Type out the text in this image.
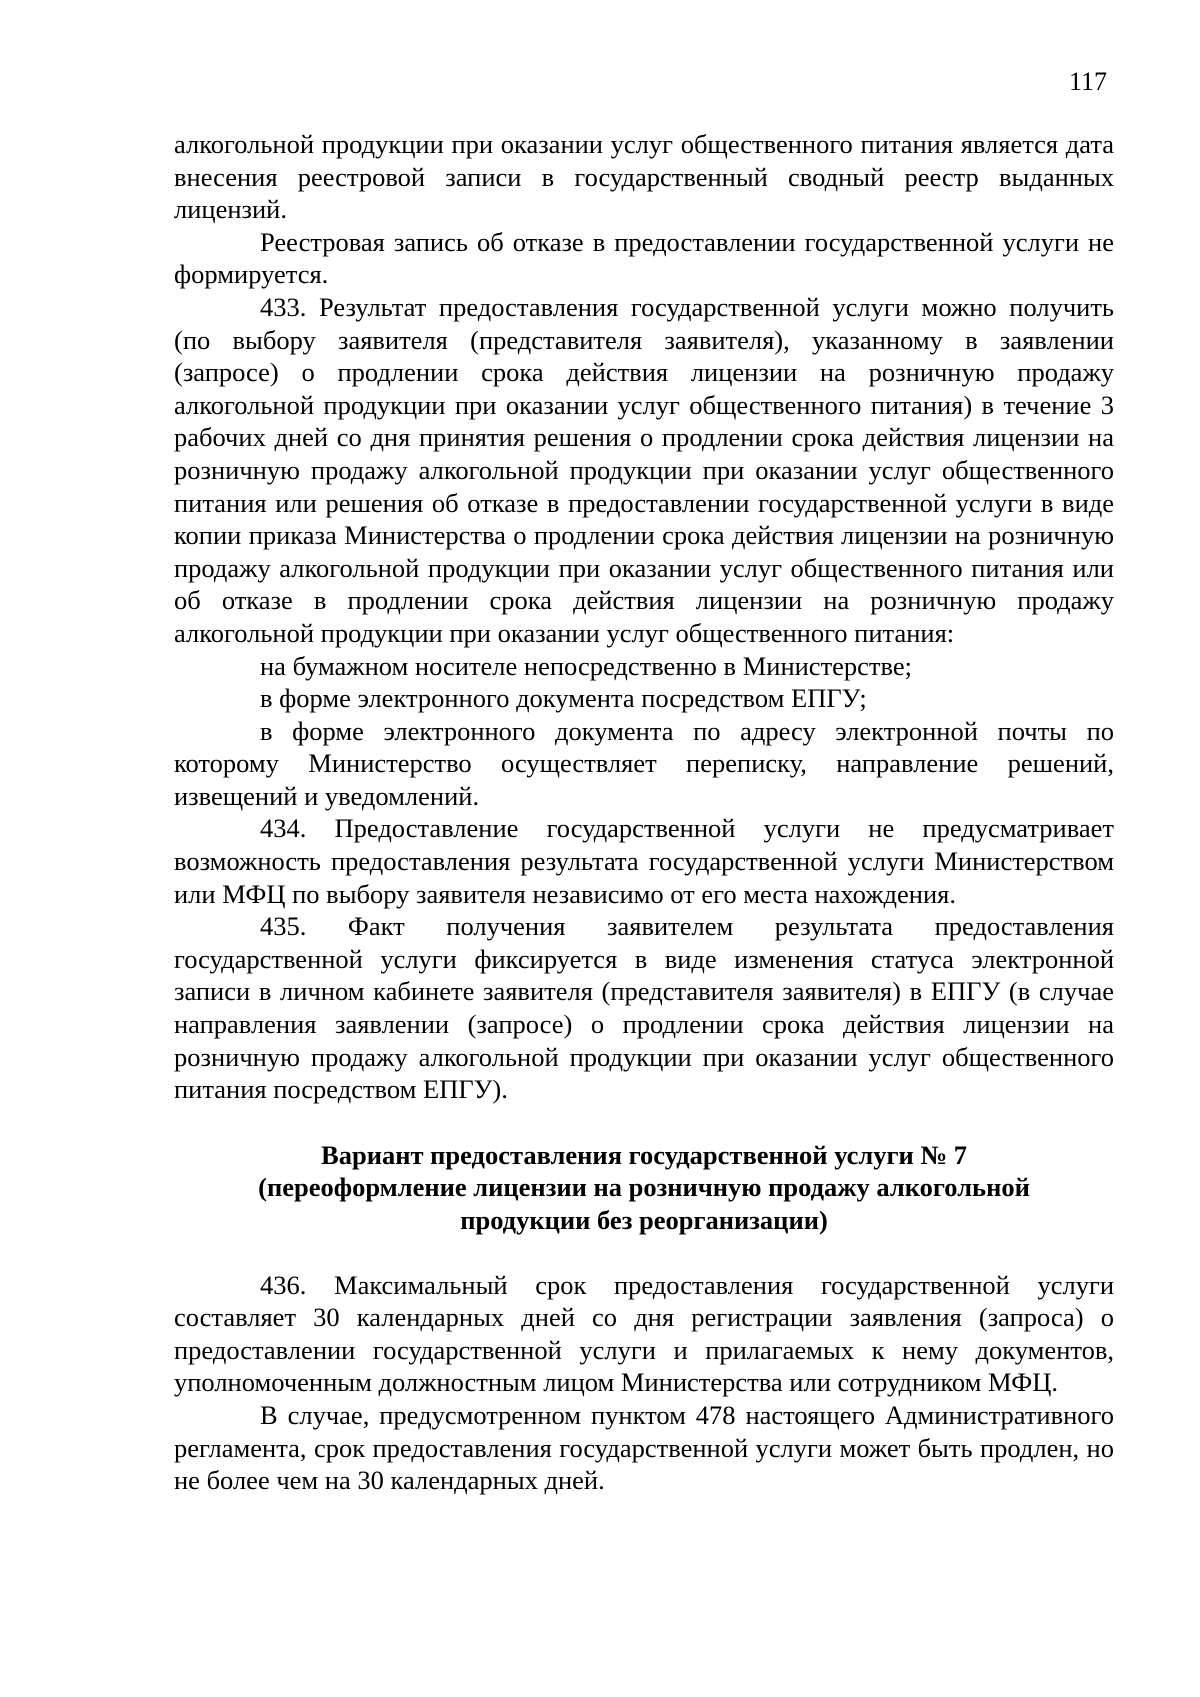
117

алкогольной продукции при оказании услуг общественного питания является дата внесения реестровой записи в государственный сводный реестр выданных лицензий.

Реестровая запись об отказе в предоставлении государственной услуги не формируется.

433. Результат предоставления государственной услуги можно получить (по выбору заявителя (представителя заявителя), указанному в заявлении (запросе) о продлении срока действия лицензии на розничную продажу алкогольной продукции при оказании услуг общественного питания) в течение 3 рабочих дней со дня принятия решения о продлении срока действия лицензии на розничную продажу алкогольной продукции при оказании услуг общественного питания или решения об отказе в предоставлении государственной услуги в виде копии приказа Министерства о продлении срока действия лицензии на розничную продажу алкогольной продукции при оказании услуг общественного питания или об отказе в продлении срока действия лицензии на розничную продажу алкогольной продукции при оказании услуг общественного питания:

на бумажном носителе непосредственно в Министерстве;

в форме электронного документа посредством ЕПГУ;

в форме электронного документа по адресу электронной почты по которому Министерство осуществляет переписку, направление решений, извещений и уведомлений.

434. Предоставление государственной услуги не предусматривает возможность предоставления результата государственной услуги Министерством или МФЦ по выбору заявителя независимо от его места нахождения.

435. Факт получения заявителем результата предоставления государственной услуги фиксируется в виде изменения статуса электронной записи в личном кабинете заявителя (представителя заявителя) в ЕПГУ (в случае направления заявлении (запросе) о продлении срока действия лицензии на розничную продажу алкогольной продукции при оказании услуг общественного питания посредством ЕПГУ).

Вариант предоставления государственной услуги № 7
(переоформление лицензии на розничную продажу алкогольной
продукции без реорганизации)

436. Максимальный срок предоставления государственной услуги составляет 30 календарных дней со дня регистрации заявления (запроса) о предоставлении государственной услуги и прилагаемых к нему документов, уполномоченным должностным лицом Министерства или сотрудником МФЦ.

В случае, предусмотренном пунктом 478 настоящего Административного регламента, срок предоставления государственной услуги может быть продлен, но не более чем на 30 календарных дней.
